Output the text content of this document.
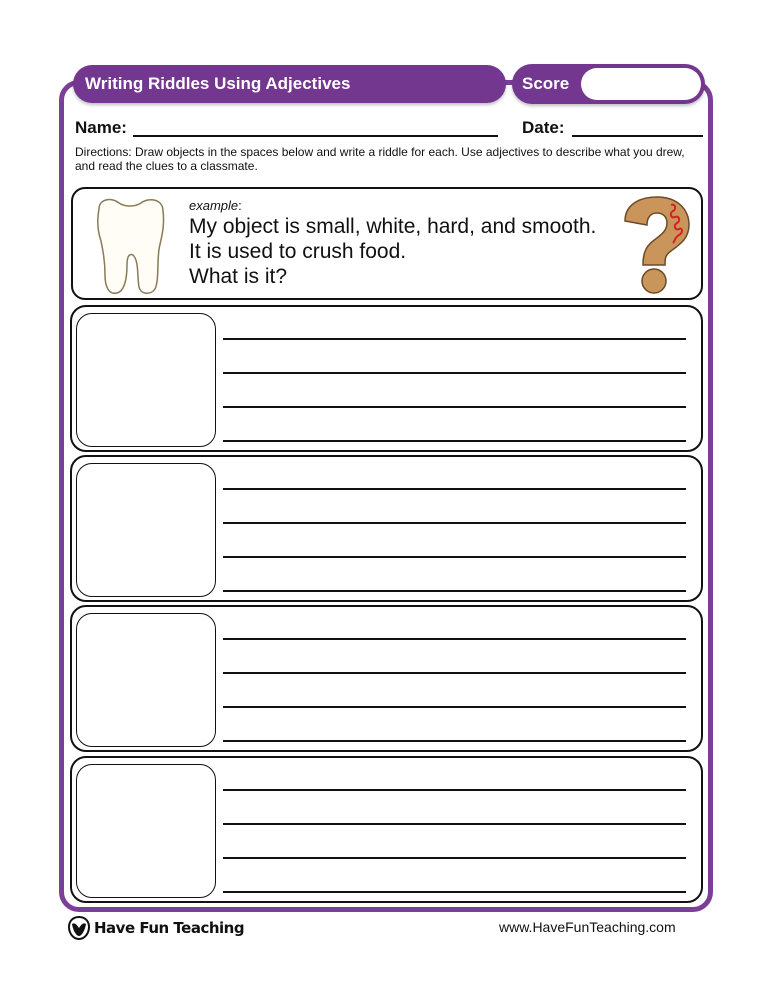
Writing Riddles Using Adjectives	Score
Name:	Date:
Directions: Draw objects in the spaces below and write a riddle for each. Use adjectives to describe what you drew, and read the clues to a classmate.
example:
My object is small, white, hard, and smooth.
It is used to crush food.
What is it?
Have Fun Teaching	www.HaveFunTeaching.com
